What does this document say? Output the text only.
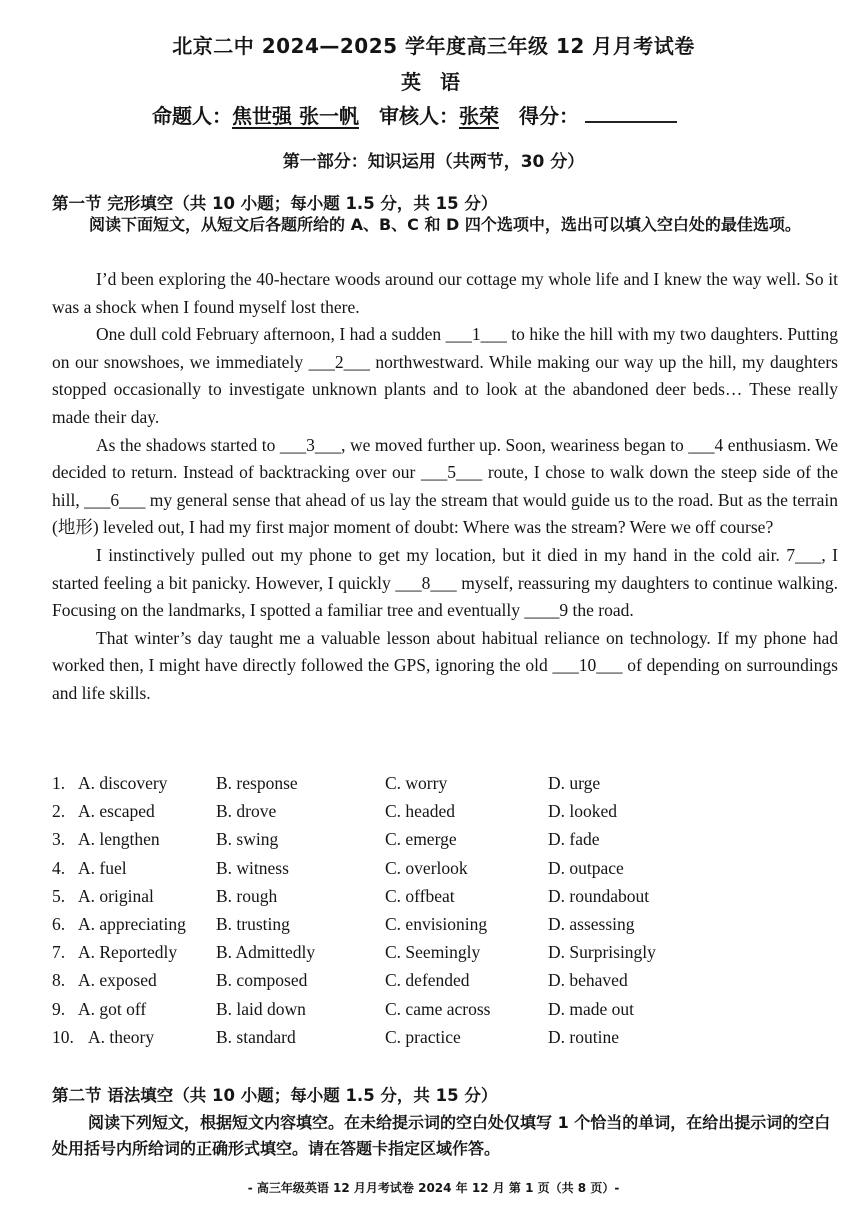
北京二中 2024—2025 学年度高三年级 12 月月考试卷
英 语
命题人：焦世强 张一帆 审核人：张荣 得分：
第一部分：知识运用（共两节，30 分）
第一节 完形填空（共 10 小题；每小题 1.5 分，共 15 分）
阅读下面短文，从短文后各题所给的 A、B、C 和 D 四个选项中，选出可以填入空白处的最佳选项。

I’d been exploring the 40-hectare woods around our cottage my whole life and I knew the way well. So it was a shock when I found myself lost there.

One dull cold February afternoon, I had a sudden ___1___ to hike the hill with my two daughters. Putting on our snowshoes, we immediately ___2___ northwestward. While making our way up the hill, my daughters stopped occasionally to investigate unknown plants and to look at the abandoned deer beds… These really made their day.

As the shadows started to ___3___, we moved further up. Soon, weariness began to ___4 enthusiasm. We decided to return. Instead of backtracking over our ___5___ route, I chose to walk down the steep side of the hill, ___6___ my general sense that ahead of us lay the stream that would guide us to the road. But as the terrain (地形) leveled out, I had my first major moment of doubt: Where was the stream? Were we off course?

I instinctively pulled out my phone to get my location, but it died in my hand in the cold air. 7___, I started feeling a bit panicky. However, I quickly ___8___ myself, reassuring my daughters to continue walking. Focusing on the landmarks, I spotted a familiar tree and eventually ____9 the road.

That winter’s day taught me a valuable lesson about habitual reliance on technology. If my phone had worked then, I might have directly followed the GPS, ignoring the old ___10___ of depending on surroundings and life skills.

1. A. discovery	B. response	C. worry	D. urge
2. A. escaped	B. drove	C. headed	D. looked
3. A. lengthen	B. swing	C. emerge	D. fade
4. A. fuel	B. witness	C. overlook	D. outpace
5. A. original	B. rough	C. offbeat	D. roundabout
6. A. appreciating B. trusting	C. envisioning	D. assessing
7. A. Reportedly B. Admittedly	C. Seemingly	D. Surprisingly
8. A. exposed	B. composed	C. defended	D. behaved
9. A. got off	B. laid down	C. came across	D. made out
10. A. theory	B. standard	C. practice	D. routine
第二节 语法填空（共 10 小题；每小题 1.5 分，共 15 分）
阅读下列短文，根据短文内容填空。在未给提示词的空白处仅填写 1 个恰当的单词，在给出提示词的空白处用括号内所给词的正确形式填空。请在答题卡指定区域作答。
- 高三年级英语 12 月月考试卷 2024 年 12 月 第 1 页（共 8 页）-
